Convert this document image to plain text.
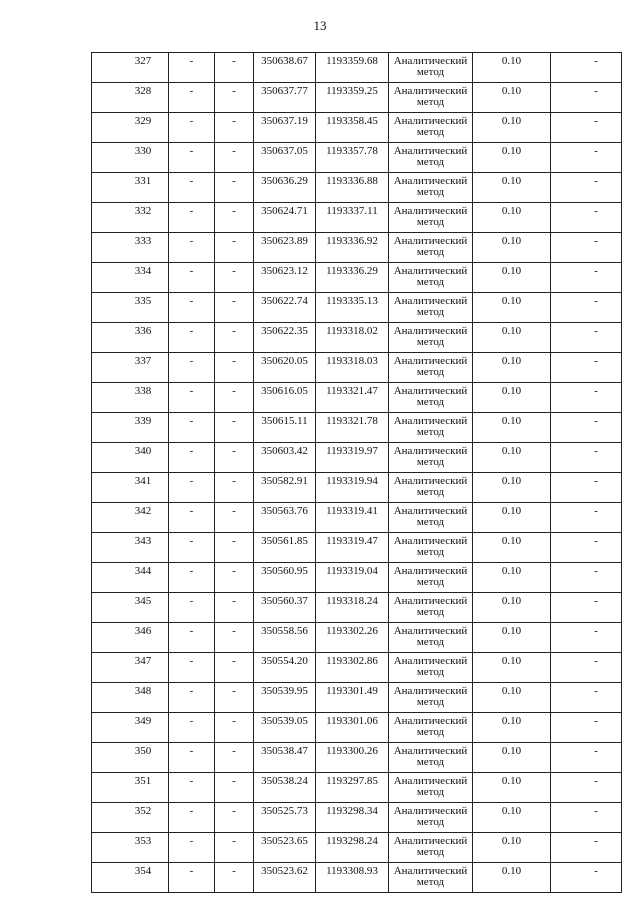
13
327	-	-	350638.67	1193359.68	Аналитический метод	0.10	-
328	-	-	350637.77	1193359.25	Аналитический метод	0.10	-
329	-	-	350637.19	1193358.45	Аналитический метод	0.10	-
330	-	-	350637.05	1193357.78	Аналитический метод	0.10	-
331	-	-	350636.29	1193336.88	Аналитический метод	0.10	-
332	-	-	350624.71	1193337.11	Аналитический метод	0.10	-
333	-	-	350623.89	1193336.92	Аналитический метод	0.10	-
334	-	-	350623.12	1193336.29	Аналитический метод	0.10	-
335	-	-	350622.74	1193335.13	Аналитический метод	0.10	-
336	-	-	350622.35	1193318.02	Аналитический метод	0.10	-
337	-	-	350620.05	1193318.03	Аналитический метод	0.10	-
338	-	-	350616.05	1193321.47	Аналитический метод	0.10	-
339	-	-	350615.11	1193321.78	Аналитический метод	0.10	-
340	-	-	350603.42	1193319.97	Аналитический метод	0.10	-
341	-	-	350582.91	1193319.94	Аналитический метод	0.10	-
342	-	-	350563.76	1193319.41	Аналитический метод	0.10	-
343	-	-	350561.85	1193319.47	Аналитический метод	0.10	-
344	-	-	350560.95	1193319.04	Аналитический метод	0.10	-
345	-	-	350560.37	1193318.24	Аналитический метод	0.10	-
346	-	-	350558.56	1193302.26	Аналитический метод	0.10	-
347	-	-	350554.20	1193302.86	Аналитический метод	0.10	-
348	-	-	350539.95	1193301.49	Аналитический метод	0.10	-
349	-	-	350539.05	1193301.06	Аналитический метод	0.10	-
350	-	-	350538.47	1193300.26	Аналитический метод	0.10	-
351	-	-	350538.24	1193297.85	Аналитический метод	0.10	-
352	-	-	350525.73	1193298.34	Аналитический метод	0.10	-
353	-	-	350523.65	1193298.24	Аналитический метод	0.10	-
354	-	-	350523.62	1193308.93	Аналитический метод	0.10	-
